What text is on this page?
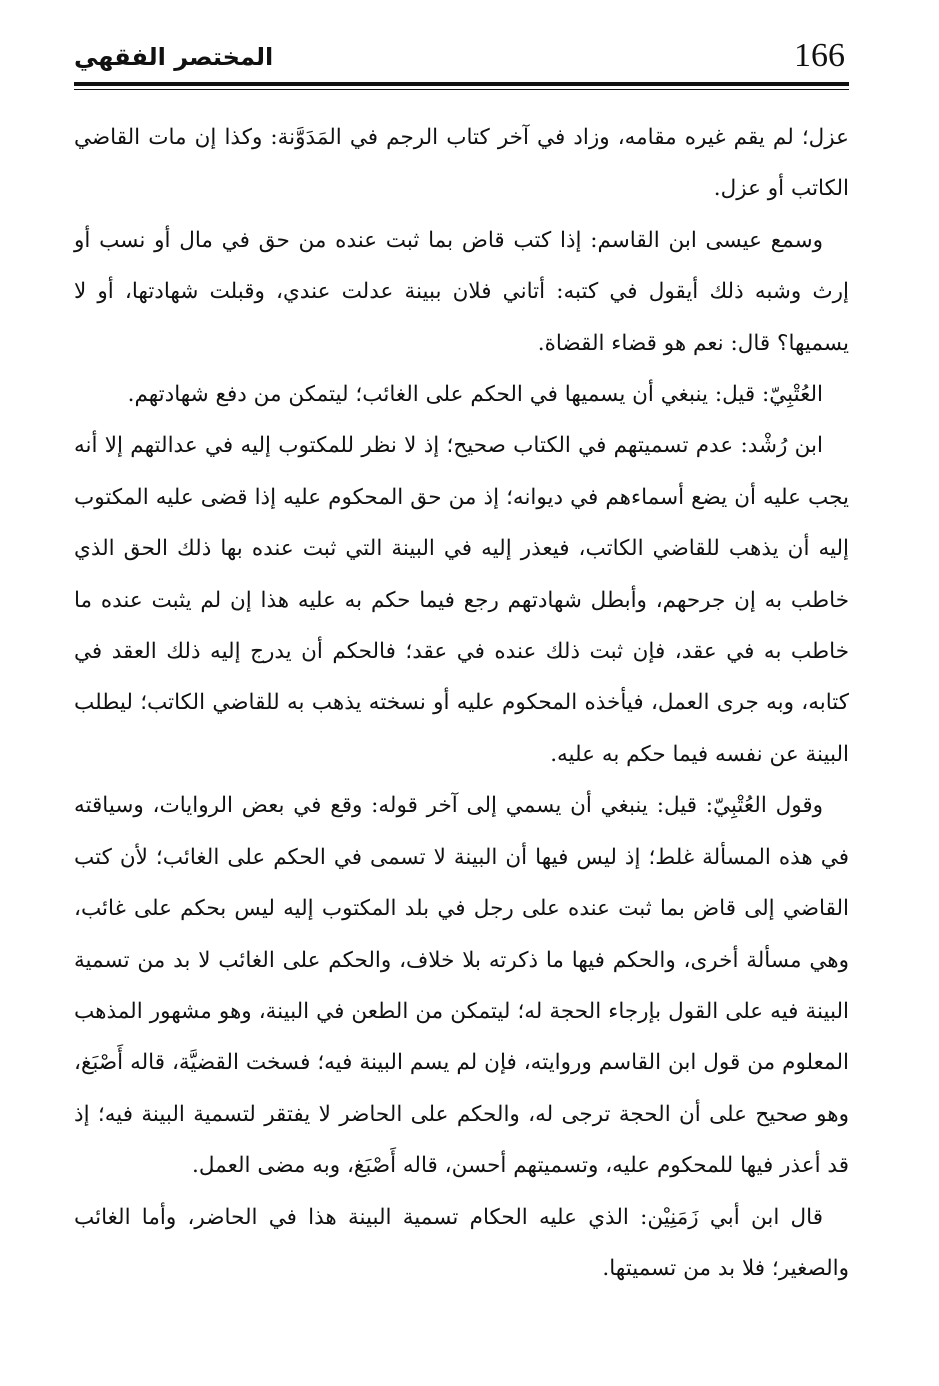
166
المختصر الفقهي

عزل؛ لم يقم غيره مقامه، وزاد في آخر كتاب الرجم في المَدَوَّنة: وكذا إن مات القاضي الكاتب أو عزل.

وسمع عيسى ابن القاسم: إذا كتب قاض بما ثبت عنده من حق في مال أو نسب أو إرث وشبه ذلك أيقول في كتبه: أتاني فلان ببينة عدلت عندي، وقبلت شهادتها، أو لا يسميها؟ قال: نعم هو قضاء القضاة.

العُتْبِيّ: قيل: ينبغي أن يسميها في الحكم على الغائب؛ ليتمكن من دفع شهادتهم.

ابن رُشْد: عدم تسميتهم في الكتاب صحيح؛ إذ لا نظر للمكتوب إليه في عدالتهم إلا أنه يجب عليه أن يضع أسماءهم في ديوانه؛ إذ من حق المحكوم عليه إذا قضى عليه المكتوب إليه أن يذهب للقاضي الكاتب، فيعذر إليه في البينة التي ثبت عنده بها ذلك الحق الذي خاطب به إن جرحهم، وأبطل شهادتهم رجع فيما حكم به عليه هذا إن لم يثبت عنده ما خاطب به في عقد، فإن ثبت ذلك عنده في عقد؛ فالحكم أن يدرج إليه ذلك العقد في كتابه، وبه جرى العمل، فيأخذه المحكوم عليه أو نسخته يذهب به للقاضي الكاتب؛ ليطلب البينة عن نفسه فيما حكم به عليه.

وقول العُتْبِيّ: قيل: ينبغي أن يسمي إلى آخر قوله: وقع في بعض الروايات، وسياقته في هذه المسألة غلط؛ إذ ليس فيها أن البينة لا تسمى في الحكم على الغائب؛ لأن كتب القاضي إلى قاض بما ثبت عنده على رجل في بلد المكتوب إليه ليس بحكم على غائب، وهي مسألة أخرى، والحكم فيها ما ذكرته بلا خلاف، والحكم على الغائب لا بد من تسمية البينة فيه على القول بإرجاء الحجة له؛ ليتمكن من الطعن في البينة، وهو مشهور المذهب المعلوم من قول ابن القاسم وروايته، فإن لم يسم البينة فيه؛ فسخت القضيَّة، قاله أَصْبَغ، وهو صحيح على أن الحجة ترجى له، والحكم على الحاضر لا يفتقر لتسمية البينة فيه؛ إذ قد أعذر فيها للمحكوم عليه، وتسميتهم أحسن، قاله أَصْبَغ، وبه مضى العمل.

قال ابن أبي زَمَنِيْن: الذي عليه الحكام تسمية البينة هذا في الحاضر، وأما الغائب والصغير؛ فلا بد من تسميتها.
